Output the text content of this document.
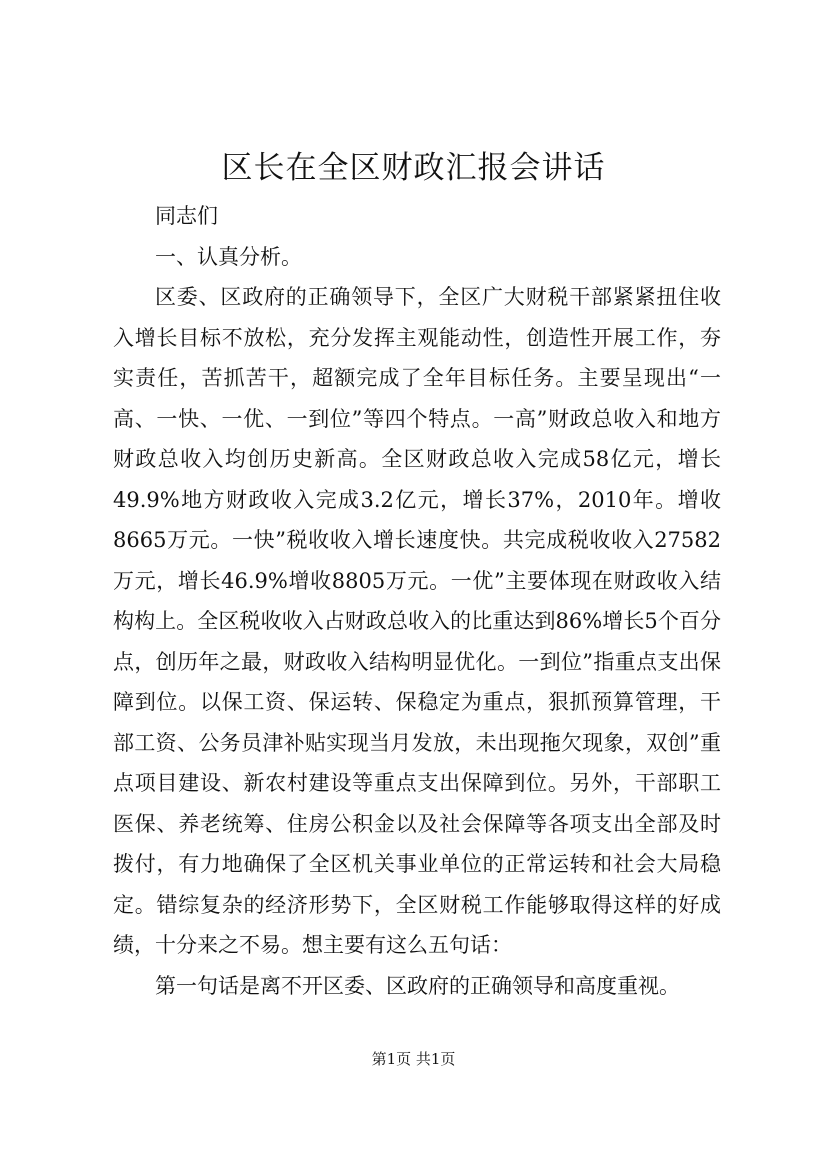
区长在全区财政汇报会讲话

同志们

一、认真分析。

区委、区政府的正确领导下，全区广大财税干部紧紧扭住收入增长目标不放松，充分发挥主观能动性，创造性开展工作，夯实责任，苦抓苦干，超额完成了全年目标任务。主要呈现出“一高、一快、一优、一到位”等四个特点。一高”财政总收入和地方财政总收入均创历史新高。全区财政总收入完成58亿元，增长49.9%地方财政收入完成3.2亿元，增长37%，2010年。增收8665万元。一快”税收收入增长速度快。共完成税收收入27582万元，增长46.9%增收8805万元。一优”主要体现在财政收入结构构上。全区税收收入占财政总收入的比重达到86%增长5个百分点，创历年之最，财政收入结构明显优化。一到位”指重点支出保障到位。以保工资、保运转、保稳定为重点，狠抓预算管理，干部工资、公务员津补贴实现当月发放，未出现拖欠现象，双创”重点项目建设、新农村建设等重点支出保障到位。另外，干部职工医保、养老统筹、住房公积金以及社会保障等各项支出全部及时拨付，有力地确保了全区机关事业单位的正常运转和社会大局稳定。错综复杂的经济形势下，全区财税工作能够取得这样的好成绩，十分来之不易。想主要有这么五句话：

第一句话是离不开区委、区政府的正确领导和高度重视。

第1页 共1页
